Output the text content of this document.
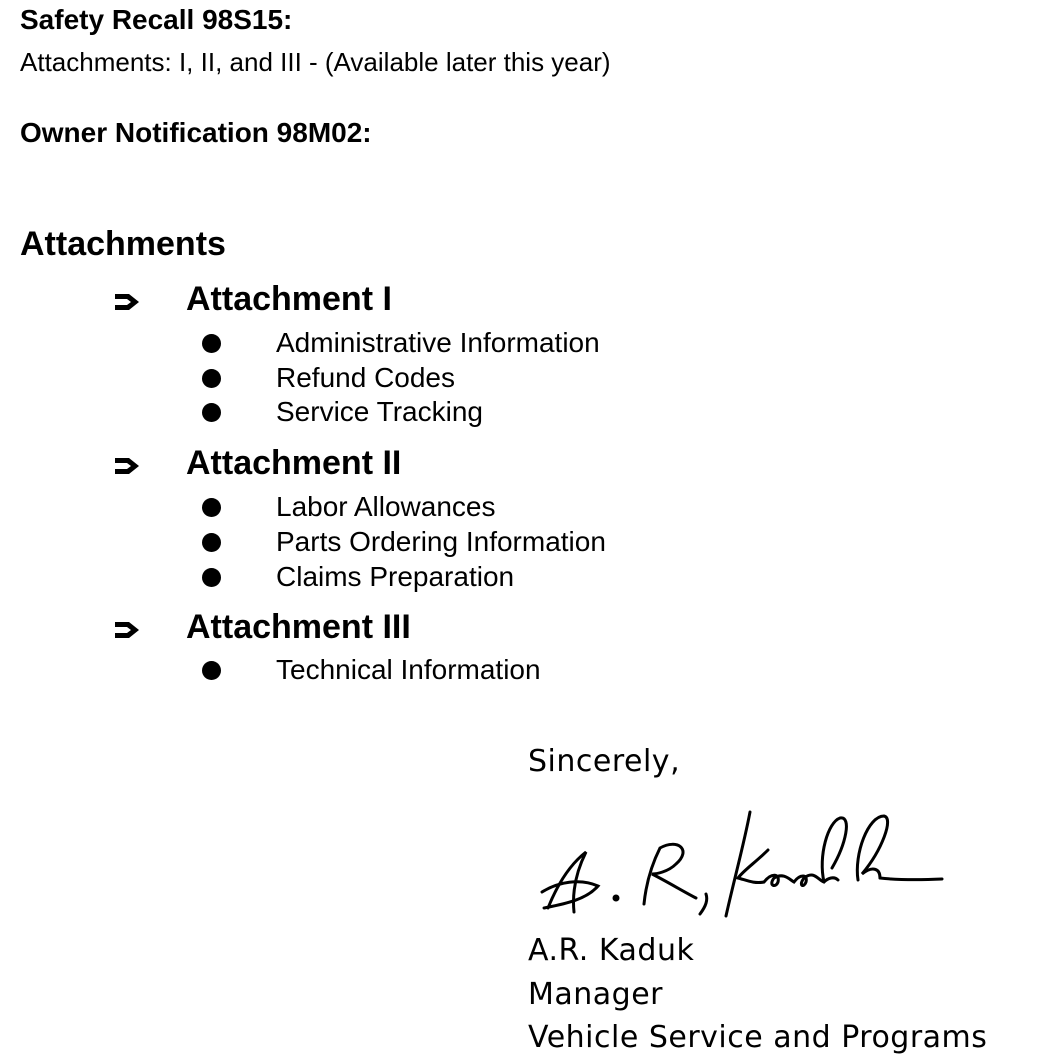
Safety Recall 98S15:
Attachments: I, II, and III - (Available later this year)
Owner Notification 98M02:
Attachments
Attachment I
Administrative Information
Refund Codes
Service Tracking
Attachment II
Labor Allowances
Parts Ordering Information
Claims Preparation
Attachment III
Technical Information
Sincerely,
A.R. Kaduk
Manager
Vehicle Service and Programs
